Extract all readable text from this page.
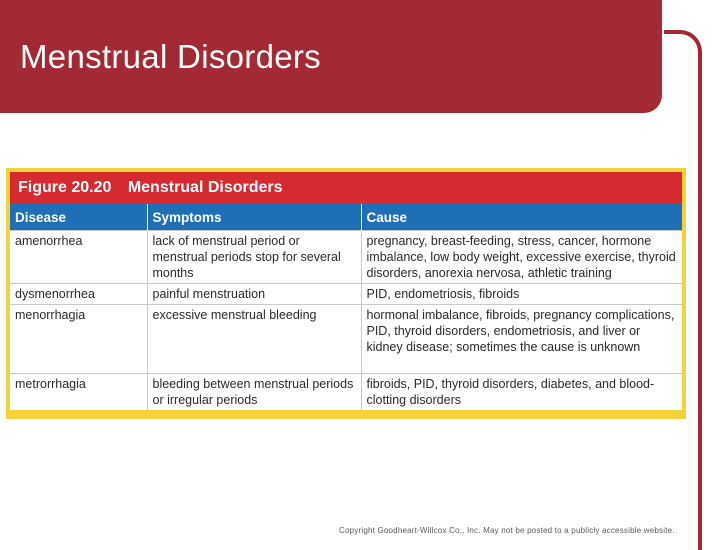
Menstrual Disorders
Figure 20.20 Menstrual Disorders
Disease	Symptoms	Cause
amenorrhea	lack of menstrual period or menstrual periods stop for several months	pregnancy, breast-feeding, stress, cancer, hormone imbalance, low body weight, excessive exercise, thyroid disorders, anorexia nervosa, athletic training
dysmenorrhea	painful menstruation	PID, endometriosis, fibroids
menorrhagia	excessive menstrual bleeding	hormonal imbalance, fibroids, pregnancy complications, PID, thyroid disorders, endometriosis, and liver or kidney disease; sometimes the cause is unknown
metrorrhagia	bleeding between menstrual periods or irregular periods	fibroids, PID, thyroid disorders, diabetes, and blood-clotting disorders
Copyright Goodheart-Willcox Co., Inc. May not be posted to a publicly accessible website.
